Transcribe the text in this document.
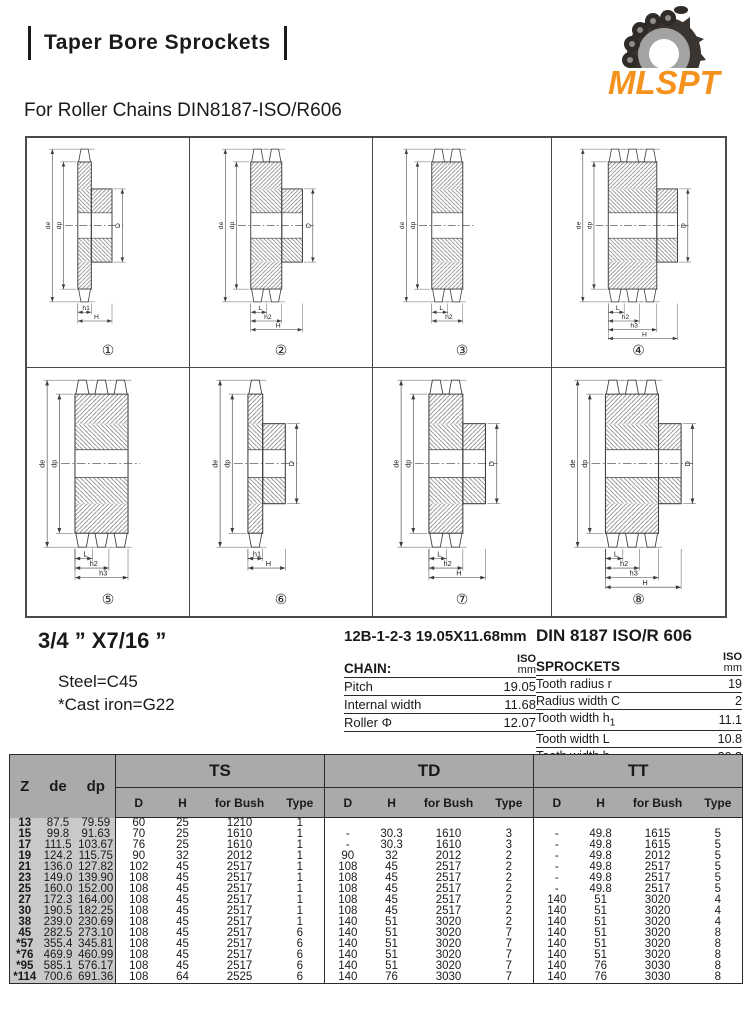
Taper Bore Sprockets
MLSPT
For Roller Chains DIN8187-ISO/R606
de dp	D
h1
H
①
de dp	D
L
h2
H
②
de dp
L
h2
③
de dp	D
L
h2
h3
H
④
de dp
L
h2
h3
⑤
de dp	D
h1
H
⑥
de dp	D
L
h2
H
⑦
de dp	D
L
h2
h3
H
⑧
3/4 ” X7/16 ”
Steel=C45
*Cast iron=G22
12B-1-2-3 19.05X11.68mm
CHAIN:	ISO
mm

Pitch	19.05
Internal width	11.68
Roller Φ	12.07
DIN 8187 ISO/R 606
SPROCKETS	ISO
mm

Tooth radius r	19
Radius width C	2
Tooth width $h_1$	11.1
Tooth width L	10.8

Z	de	dp	TS				TD				TT			
			D	H	for Bush	Type	D	H	for Bush	Type	D	H	for Bush	Type
13	87.5	79.59	60	25	1210	1								
15	99.8	91.63	70	25	1610	1	-	30.3	1610	3	-	49.8	1615	5
17	111.5	103.67	76	25	1610	1	-	30.3	1610	3	-	49.8	1615	5
19	124.2	115.75	90	32	2012	1	90	32	2012	2	-	49.8	2012	5
21	136.0	127.82	102	45	2517	1	108	45	2517	2	-	49.8	2517	5
23	149.0	139.90	108	45	2517	1	108	45	2517	2	-	49.8	2517	5
25	160.0	152.00	108	45	2517	1	108	45	2517	2	-	49.8	2517	5
27	172.3	164.00	108	45	2517	1	108	45	2517	2	140	51	3020	4
30	190.5	182.25	108	45	2517	1	108	45	2517	2	140	51	3020	4
38	239.0	230.69	108	45	2517	1	140	51	3020	2	140	51	3020	4
45	282.5	273.10	108	45	2517	6	140	51	3020	7	140	51	3020	8
*57	355.4	345.81	108	45	2517	6	140	51	3020	7	140	51	3020	8
*76	469.9	460.99	108	45	2517	6	140	51	3020	7	140	51	3020	8
*95	585.1	576.17	108	45	2517	6	140	51	3020	7	140	76	3030	8
*114	700.6	691.36	108	64	2525	6	140	76	3030	7	140	76	3030	8
